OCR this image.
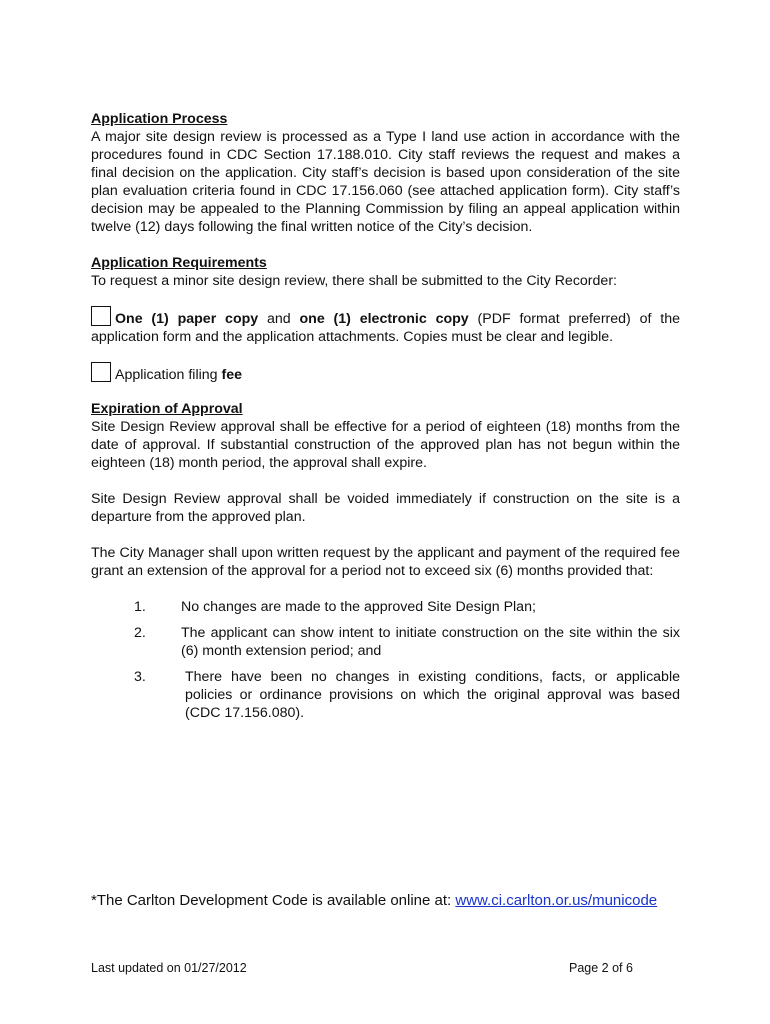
Application Process
A major site design review is processed as a Type I land use action in accordance with the procedures found in CDC Section 17.188.010. City staff reviews the request and makes a final decision on the application. City staff’s decision is based upon consideration of the site plan evaluation criteria found in CDC 17.156.060 (see attached application form). City staff’s decision may be appealed to the Planning Commission by filing an appeal application within twelve (12) days following the final written notice of the City’s decision.
Application Requirements
To request a minor site design review, there shall be submitted to the City Recorder:
One (1) paper copy and one (1) electronic copy (PDF format preferred) of the application form and the application attachments. Copies must be clear and legible.
Application filing fee
Expiration of Approval
Site Design Review approval shall be effective for a period of eighteen (18) months from the date of approval. If substantial construction of the approved plan has not begun within the eighteen (18) month period, the approval shall expire.
Site Design Review approval shall be voided immediately if construction on the site is a departure from the approved plan.
The City Manager shall upon written request by the applicant and payment of the required fee grant an extension of the approval for a period not to exceed six (6) months provided that:
1. No changes are made to the approved Site Design Plan;
2. The applicant can show intent to initiate construction on the site within the six (6) month extension period; and
3.	There have been no changes in existing conditions, facts, or applicable policies or ordinance provisions on which the original approval was based (CDC 17.156.080).
*The Carlton Development Code is available online at: www.ci.carlton.or.us/municode
Last updated on 01/27/2012	Page 2 of 6
